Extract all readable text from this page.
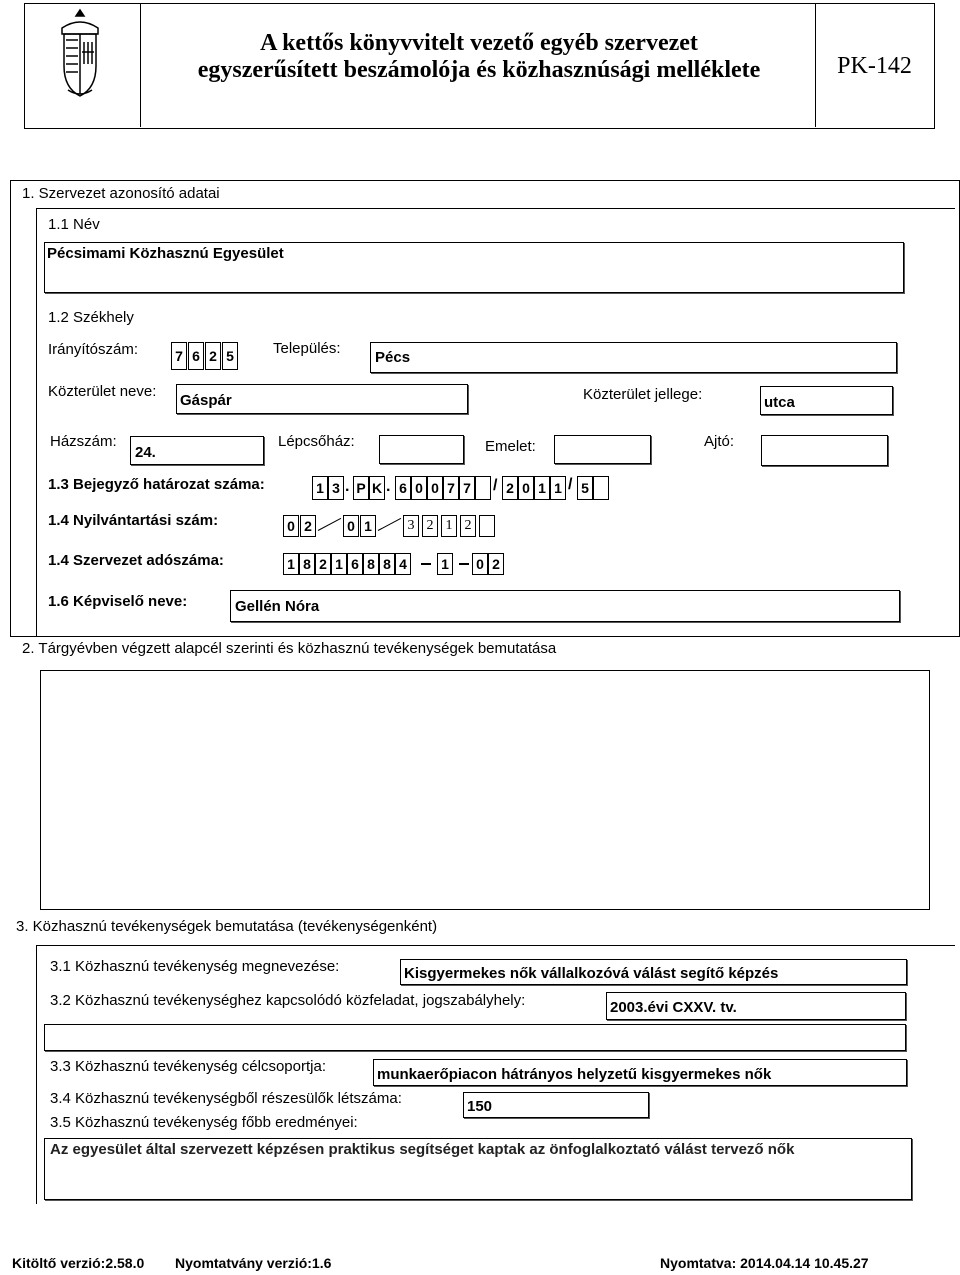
A kettős könyvvitelt vezető egyéb szervezet
egyszerűsített beszámolója és közhasznúsági melléklete	PK-142
1. Szervezet azonosító adatai
1.1 Név
Pécsimami Közhasznú Egyesület
1.2 Székhely
Irányítószám:	7 6 2 5	Település:
Pécs
Közterület neve:
Gáspár	Közterület jellege:	utca
Házszám:
24.
Lépcsőház:	Emelet:	Ajtó:
1.3 Bejegyző határozat száma:	1 3 . P K . 6 0 0 7 7 / 2 0 1 1 / 5
1.4 Nyilvántartási szám:	0 2	0 1	3 2 1 2
1.4 Szervezet adószáma:	1 8 2 1 6 8 8 4 1 0 2
1.6 Képviselő neve:	Gellén Nóra
2. Tárgyévben végzett alapcél szerinti és közhasznú tevékenységek bemutatása
3. Közhasznú tevékenységek bemutatása (tevékenységenként)
3.1 Közhasznú tevékenység megnevezése:	Kisgyermekes nők vállalkozóvá válást segítő képzés
3.2 Közhasznú tevékenységhez kapcsolódó közfeladat, jogszabályhely:	2003.évi CXXV. tv.
3.3 Közhasznú tevékenység célcsoportja:	munkaerőpiacon hátrányos helyzetű kisgyermekes nők
3.4 Közhasznú tevékenységből részesülők létszáma:	150
3.5 Közhasznú tevékenység főbb eredményei:
Az egyesület által szervezett képzésen praktikus segítséget kaptak az önfoglalkoztató válást tervező nők
Kitöltő verzió:2.58.0 Nyomtatvány verzió:1.6	Nyomtatva: 2014.04.14 10.45.27
